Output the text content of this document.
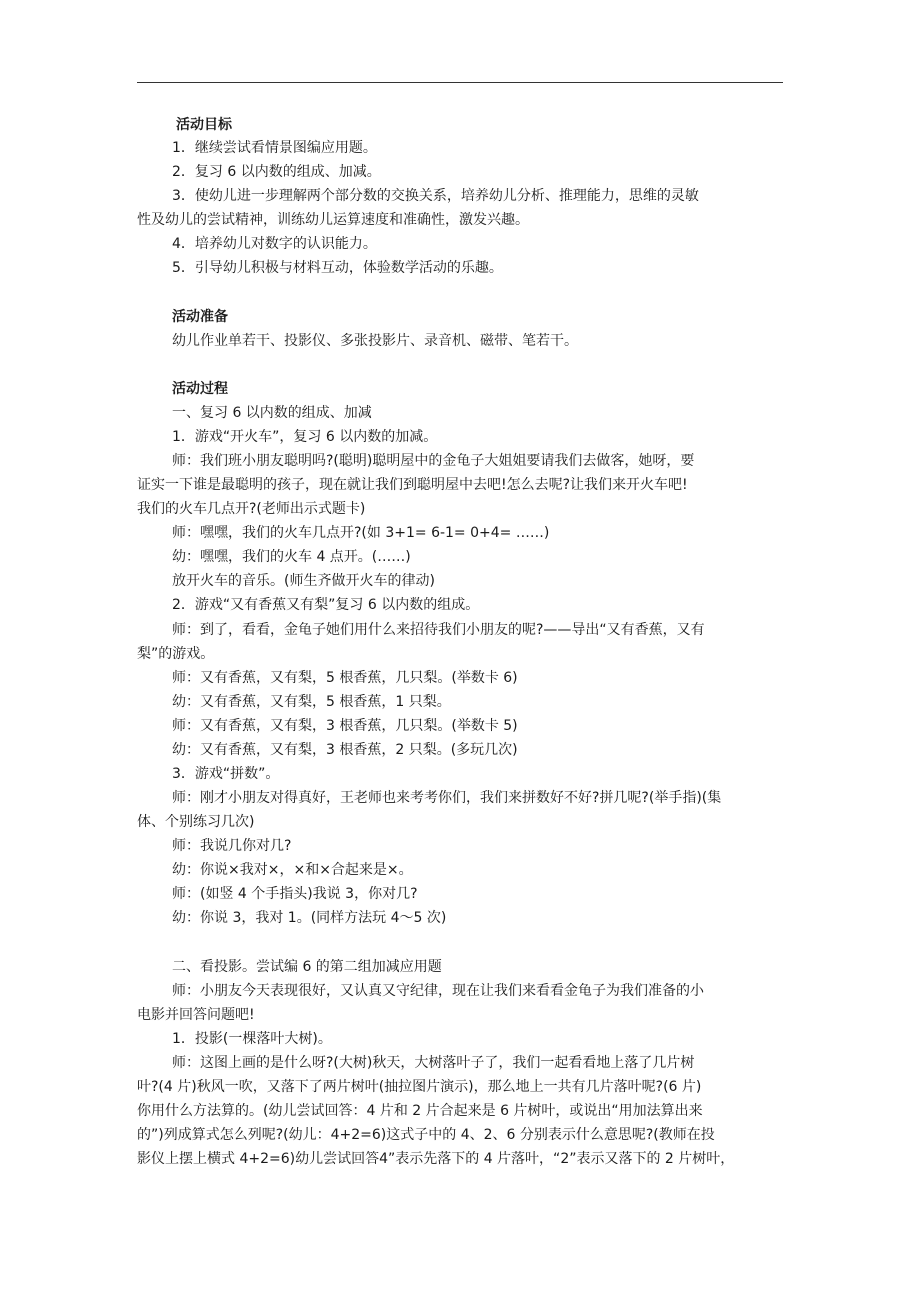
活动目标
1．继续尝试看情景图编应用题。
2．复习 6 以内数的组成、加减。
3．使幼儿进一步理解两个部分数的交换关系，培养幼儿分析、推理能力，思维的灵敏
性及幼儿的尝试精神，训练幼儿运算速度和准确性，激发兴趣。
4．培养幼儿对数字的认识能力。
5．引导幼儿积极与材料互动，体验数学活动的乐趣。
活动准备
幼儿作业单若干、投影仪、多张投影片、录音机、磁带、笔若干。
活动过程
一、复习 6 以内数的组成、加减
1．游戏“开火车”，复习 6 以内数的加减。
师：我们班小朋友聪明吗?(聪明)聪明屋中的金龟子大姐姐要请我们去做客，她呀，要
证实一下谁是最聪明的孩子，现在就让我们到聪明屋中去吧!怎么去呢?让我们来开火车吧!
我们的火车几点开?(老师出示式题卡)
师：嘿嘿，我们的火车几点开?(如 3+1= 6-1= 0+4= ……)
幼：嘿嘿，我们的火车 4 点开。(……)
放开火车的音乐。(师生齐做开火车的律动)
2．游戏“又有香蕉又有梨”复习 6 以内数的组成。
师：到了，看看，金龟子她们用什么来招待我们小朋友的呢?——导出“又有香蕉，又有
梨”的游戏。
师：又有香蕉，又有梨，5 根香蕉，几只梨。(举数卡 6)
幼：又有香蕉，又有梨，5 根香蕉，1 只梨。
师：又有香蕉，又有梨，3 根香蕉，几只梨。(举数卡 5)
幼：又有香蕉，又有梨，3 根香蕉，2 只梨。(多玩几次)
3．游戏“拼数”。
师：刚才小朋友对得真好，王老师也来考考你们，我们来拼数好不好?拼几呢?(举手指)(集
体、个别练习几次)
师：我说几你对几?
幼：你说×我对×，×和×合起来是×。
师：(如竖 4 个手指头)我说 3，你对几?
幼：你说 3，我对 1。(同样方法玩 4～5 次)
二、看投影。尝试编 6 的第二组加减应用题
师：小朋友今天表现很好，又认真又守纪律，现在让我们来看看金龟子为我们准备的小
电影并回答问题吧!
1．投影(一棵落叶大树)。
师：这图上画的是什么呀?(大树)秋天，大树落叶子了，我们一起看看地上落了几片树
叶?(4 片)秋风一吹，又落下了两片树叶(抽拉图片演示)，那么地上一共有几片落叶呢?(6 片)
你用什么方法算的。(幼儿尝试回答：4 片和 2 片合起来是 6 片树叶，或说出“用加法算出来
的”)列成算式怎么列呢?(幼儿：4+2=6)这式子中的 4、2、6 分别表示什么意思呢?(教师在投
影仪上摆上横式 4+2=6)幼儿尝试回答4”表示先落下的 4 片落叶，“2”表示又落下的 2 片树叶，
